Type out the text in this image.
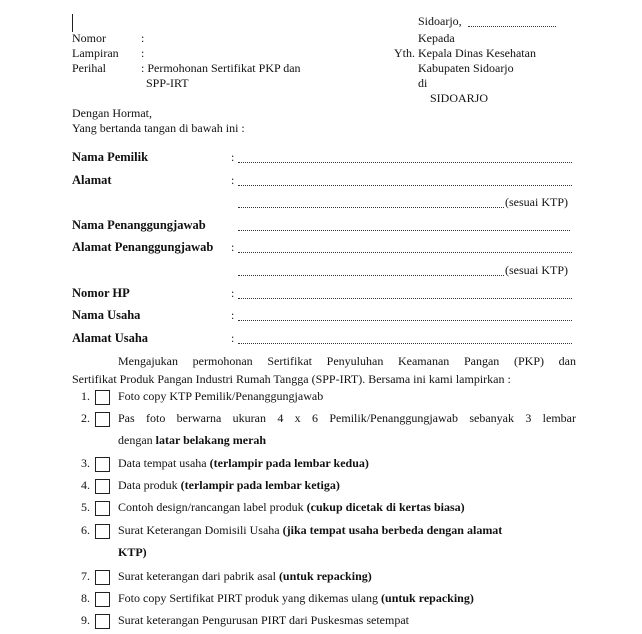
Sidoarjo,
Kepada
Yth. Kepala Dinas Kesehatan
Kabupaten Sidoarjo
di
SIDOARJO
Nomor	:
Lampiran :
Perihal	: Permohonan Sertifikat PKP dan
SPP-IRT
Dengan Hormat,
Yang bertanda tangan di bawah ini :
Nama Pemilik	:
Alamat	:
(sesuai KTP)
Nama Penanggungjawab
Alamat Penanggungjawab :
(sesuai KTP)
Nomor HP	:
Nama Usaha	:
Alamat Usaha	:
Mengajukan permohonan Sertifikat Penyuluhan Keamanan Pangan (PKP) dan
Sertifikat Produk Pangan Industri Rumah Tangga (SPP-IRT). Bersama ini kami lampirkan :
1. Foto copy KTP Pemilik/Penanggungjawab
2. Pas foto berwarna ukuran 4 x 6 Pemilik/Penanggungjawab sebanyak 3 lembar
dengan latar belakang merah
3. Data tempat usaha (terlampir pada lembar kedua)
4. Data produk (terlampir pada lembar ketiga)
5. Contoh design/rancangan label produk (cukup dicetak di kertas biasa)
6. Surat Keterangan Domisili Usaha (jika tempat usaha berbeda dengan alamat
KTP)
7. Surat keterangan dari pabrik asal (untuk repacking)
8. Foto copy Sertifikat PIRT produk yang dikemas ulang (untuk repacking)
9. Surat keterangan Pengurusan PIRT dari Puskesmas setempat
